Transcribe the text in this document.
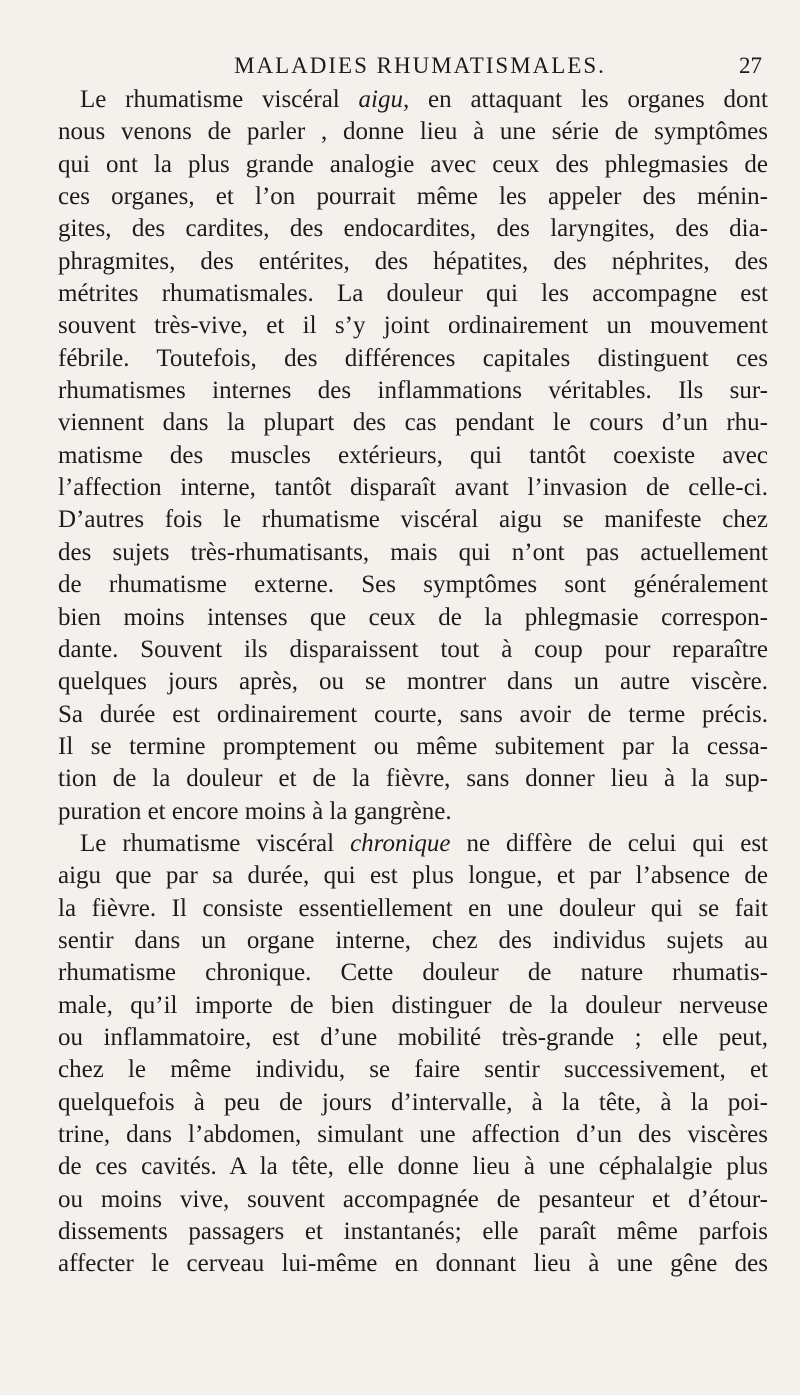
MALADIES RHUMATISMALES.	27
Le rhumatisme viscéral aigu, en attaquant les organes dont
nous venons de parler , donne lieu à une série de symptômes
qui ont la plus grande analogie avec ceux des phlegmasies de
ces organes, et l’on pourrait même les appeler des ménin-
gites, des cardites, des endocardites, des laryngites, des dia-
phragmites, des entérites, des hépatites, des néphrites, des
métrites rhumatismales. La douleur qui les accompagne est
souvent très-vive, et il s’y joint ordinairement un mouvement
fébrile. Toutefois, des différences capitales distinguent ces
rhumatismes internes des inflammations véritables. Ils sur-
viennent dans la plupart des cas pendant le cours d’un rhu-
matisme des muscles extérieurs, qui tantôt coexiste avec
l’affection interne, tantôt disparaît avant l’invasion de celle-ci.
D’autres fois le rhumatisme viscéral aigu se manifeste chez
des sujets très-rhumatisants, mais qui n’ont pas actuellement
de rhumatisme externe. Ses symptômes sont généralement
bien moins intenses que ceux de la phlegmasie correspon-
dante. Souvent ils disparaissent tout à coup pour reparaître
quelques jours après, ou se montrer dans un autre viscère.
Sa durée est ordinairement courte, sans avoir de terme précis.
Il se termine promptement ou même subitement par la cessa-
tion de la douleur et de la fièvre, sans donner lieu à la sup-
puration et encore moins à la gangrène.
Le rhumatisme viscéral chronique ne diffère de celui qui est
aigu que par sa durée, qui est plus longue, et par l’absence de
la fièvre. Il consiste essentiellement en une douleur qui se fait
sentir dans un organe interne, chez des individus sujets au
rhumatisme chronique. Cette douleur de nature rhumatis-
male, qu’il importe de bien distinguer de la douleur nerveuse
ou inflammatoire, est d’une mobilité très-grande ; elle peut,
chez le même individu, se faire sentir successivement, et
quelquefois à peu de jours d’intervalle, à la tête, à la poi-
trine, dans l’abdomen, simulant une affection d’un des viscères
de ces cavités. A la tête, elle donne lieu à une céphalalgie plus
ou moins vive, souvent accompagnée de pesanteur et d’étour-
dissements passagers et instantanés; elle paraît même parfois
affecter le cerveau lui-même en donnant lieu à une gêne des
